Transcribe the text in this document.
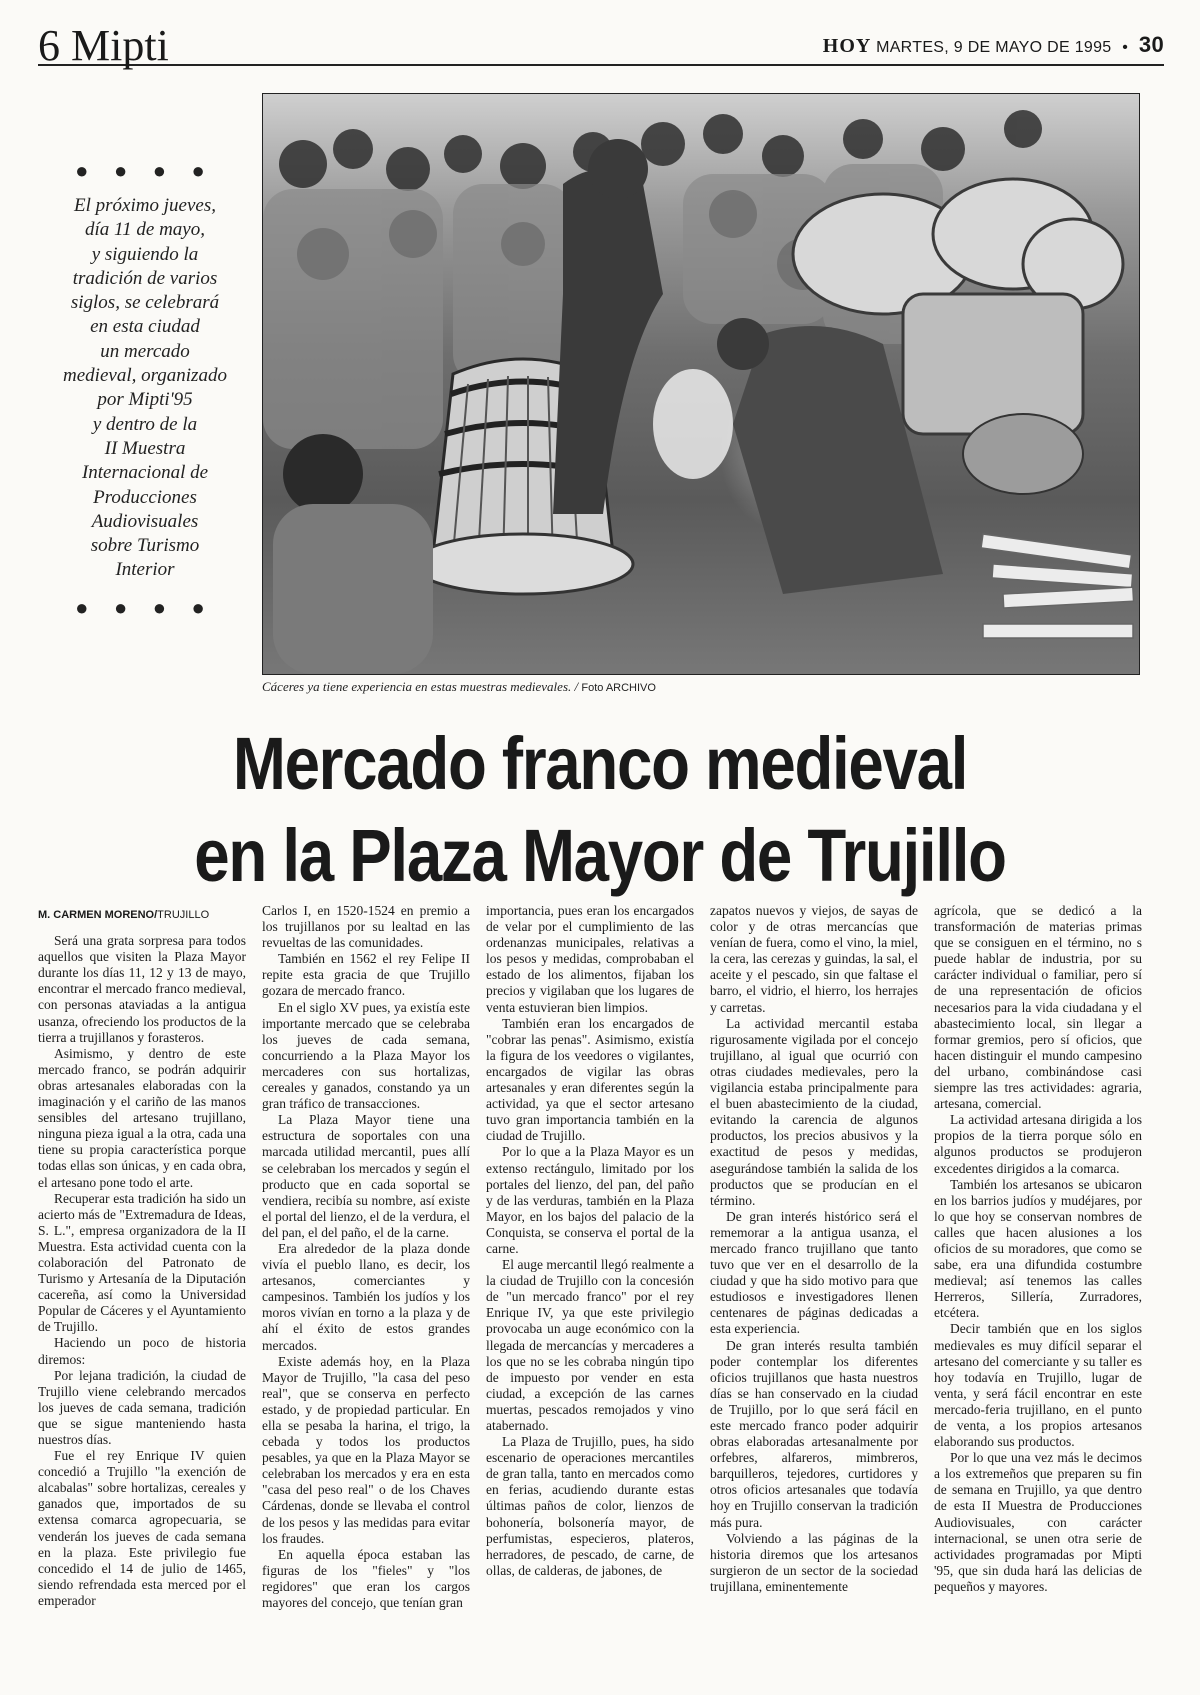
6 Mipti	HOY MARTES, 9 DE MAYO DE 1995 • 30
● ● ● ●
El próximo jueves,
día 11 de mayo,
y siguiendo la
tradición de varios
siglos, se celebrará
en esta ciudad
un mercado
medieval, organizado
por Mipti'95
y dentro de la
II Muestra
Internacional de
Producciones
Audiovisuales
sobre Turismo
Interior
● ● ● ●
Cáceres ya tiene experiencia en estas muestras medievales. / Foto ARCHIVO
Mercado franco medieval
en la Plaza Mayor de Trujillo
M. CARMEN MORENO/TRUJILLO

Será una grata sorpresa para todos aquellos que visiten la Plaza Mayor durante los días 11, 12 y 13 de mayo, encontrar el mercado franco medieval, con personas ataviadas a la antigua usanza, ofreciendo los productos de la tierra a trujillanos y forasteros.

Asimismo, y dentro de este mercado franco, se podrán adquirir obras artesanales elaboradas con la imaginación y el cariño de las manos sensibles del artesano trujillano, ninguna pieza igual a la otra, cada una tiene su propia característica porque todas ellas son únicas, y en cada obra, el artesano pone todo el arte.

Recuperar esta tradición ha sido un acierto más de "Extremadura de Ideas, S. L.", empresa organizadora de la II Muestra. Esta actividad cuenta con la colaboración del Patronato de Turismo y Artesanía de la Diputación cacereña, así como la Universidad Popular de Cáceres y el Ayuntamiento de Trujillo.

Haciendo un poco de historia diremos:

Por lejana tradición, la ciudad de Trujillo viene celebrando mercados los jueves de cada semana, tradición que se sigue manteniendo hasta nuestros días.

Fue el rey Enrique IV quien concedió a Trujillo "la exención de alcabalas" sobre hortalizas, cereales y ganados que, importados de su extensa comarca agropecuaria, se venderán los jueves de cada semana en la plaza. Este privilegio fue concedido el 14 de julio de 1465, siendo refrendada esta merced por el emperador

Carlos I, en 1520-1524 en premio a los trujillanos por su lealtad en las revueltas de las comunidades.

También en 1562 el rey Felipe II repite esta gracia de que Trujillo gozara de mercado franco.

En el siglo XV pues, ya existía este importante mercado que se celebraba los jueves de cada semana, concurriendo a la Plaza Mayor los mercaderes con sus hortalizas, cereales y ganados, constando ya un gran tráfico de transacciones.

La Plaza Mayor tiene una estructura de soportales con una marcada utilidad mercantil, pues allí se celebraban los mercados y según el producto que en cada soportal se vendiera, recibía su nombre, así existe el portal del lienzo, el de la verdura, el del pan, el del paño, el de la carne.

Era alrededor de la plaza donde vivía el pueblo llano, es decir, los artesanos, comerciantes y campesinos. También los judíos y los moros vivían en torno a la plaza y de ahí el éxito de estos grandes mercados.

Existe además hoy, en la Plaza Mayor de Trujillo, "la casa del peso real", que se conserva en perfecto estado, y de propiedad particular. En ella se pesaba la harina, el trigo, la cebada y todos los productos pesables, ya que en la Plaza Mayor se celebraban los mercados y era en esta "casa del peso real" o de los Chaves Cárdenas, donde se llevaba el control de los pesos y las medidas para evitar los fraudes.

En aquella época estaban las figuras de los "fieles" y "los regidores" que eran los cargos mayores del concejo, que tenían gran

importancia, pues eran los encargados de velar por el cumplimiento de las ordenanzas municipales, relativas a los pesos y medidas, comprobaban el estado de los alimentos, fijaban los precios y vigilaban que los lugares de venta estuvieran bien limpios.

También eran los encargados de "cobrar las penas". Asimismo, existía la figura de los veedores o vigilantes, encargados de vigilar las obras artesanales y eran diferentes según la actividad, ya que el sector artesano tuvo gran importancia también en la ciudad de Trujillo.

Por lo que a la Plaza Mayor es un extenso rectángulo, limitado por los portales del lienzo, del pan, del paño y de las verduras, también en la Plaza Mayor, en los bajos del palacio de la Conquista, se conserva el portal de la carne.

El auge mercantil llegó realmente a la ciudad de Trujillo con la concesión de "un mercado franco" por el rey Enrique IV, ya que este privilegio provocaba un auge económico con la llegada de mercancías y mercaderes a los que no se les cobraba ningún tipo de impuesto por vender en esta ciudad, a excepción de las carnes muertas, pescados remojados y vino atabernado.

La Plaza de Trujillo, pues, ha sido escenario de operaciones mercantiles de gran talla, tanto en mercados como en ferias, acudiendo durante estas últimas paños de color, lienzos de bohonería, bolsonería mayor, de perfumistas, especieros, plateros, herradores, de pescado, de carne, de ollas, de calderas, de jabones, de

zapatos nuevos y viejos, de sayas de color y de otras mercancías que venían de fuera, como el vino, la miel, la cera, las cerezas y guindas, la sal, el aceite y el pescado, sin que faltase el barro, el vidrio, el hierro, los herrajes y carretas.

La actividad mercantil estaba rigurosamente vigilada por el concejo trujillano, al igual que ocurrió con otras ciudades medievales, pero la vigilancia estaba principalmente para el buen abastecimiento de la ciudad, evitando la carencia de algunos productos, los precios abusivos y la exactitud de pesos y medidas, asegurándose también la salida de los productos que se producían en el término.

De gran interés histórico será el rememorar a la antigua usanza, el mercado franco trujillano que tanto tuvo que ver en el desarrollo de la ciudad y que ha sido motivo para que estudiosos e investigadores llenen centenares de páginas dedicadas a esta experiencia.

De gran interés resulta también poder contemplar los diferentes oficios trujillanos que hasta nuestros días se han conservado en la ciudad de Trujillo, por lo que será fácil en este mercado franco poder adquirir obras elaboradas artesanalmente por orfebres, alfareros, mimbreros, barquilleros, tejedores, curtidores y otros oficios artesanales que todavía hoy en Trujillo conservan la tradición más pura.

Volviendo a las páginas de la historia diremos que los artesanos surgieron de un sector de la sociedad trujillana, eminentemente

agrícola, que se dedicó a la transformación de materias primas que se consiguen en el término, no s puede hablar de industria, por su carácter individual o familiar, pero sí de una representación de oficios necesarios para la vida ciudadana y el abastecimiento local, sin llegar a formar gremios, pero sí oficios, que hacen distinguir el mundo campesino del urbano, combinándose casi siempre las tres actividades: agraria, artesana, comercial.

La actividad artesana dirigida a los propios de la tierra porque sólo en algunos productos se produjeron excedentes dirigidos a la comarca.

También los artesanos se ubicaron en los barrios judíos y mudéjares, por lo que hoy se conservan nombres de calles que hacen alusiones a los oficios de su moradores, que como se sabe, era una difundida costumbre medieval; así tenemos las calles Herreros, Sillería, Zurradores, etcétera.

Decir también que en los siglos medievales es muy difícil separar el artesano del comerciante y su taller es hoy todavía en Trujillo, lugar de venta, y será fácil encontrar en este mercado-feria trujillano, en el punto de venta, a los propios artesanos elaborando sus productos.

Por lo que una vez más le decimos a los extremeños que preparen su fin de semana en Trujillo, ya que dentro de esta II Muestra de Producciones Audiovisuales, con carácter internacional, se unen otra serie de actividades programadas por Mipti '95, que sin duda hará las delicias de pequeños y mayores.
